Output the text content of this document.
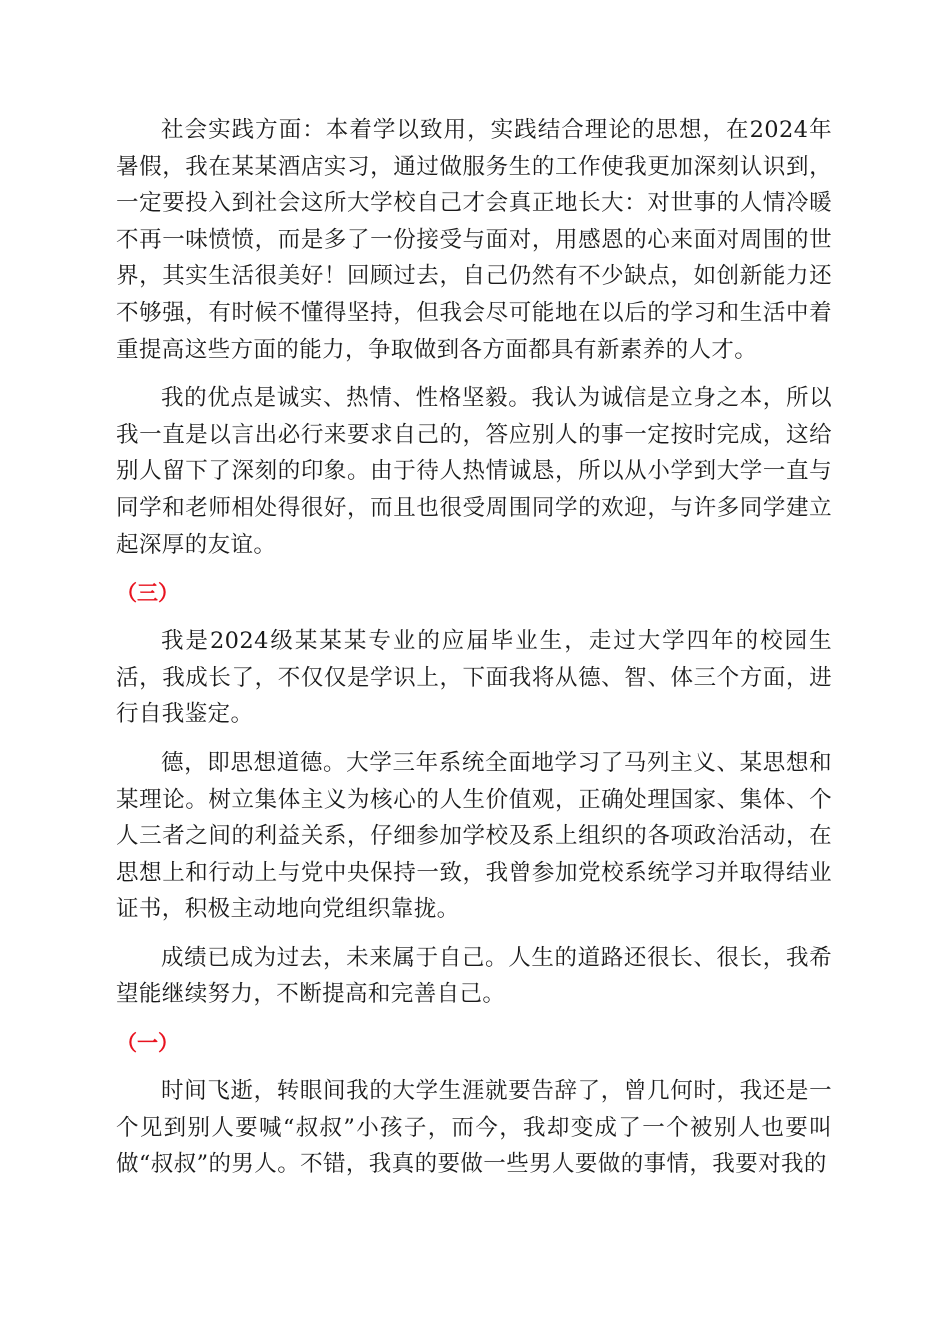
社会实践方面：本着学以致用，实践结合理论的思想，在2024年暑假，我在某某酒店实习，通过做服务生的工作使我更加深刻认识到，一定要投入到社会这所大学校自己才会真正地长大：对世事的人情冷暖不再一味愤愤，而是多了一份接受与面对，用感恩的心来面对周围的世界，其实生活很美好！回顾过去，自己仍然有不少缺点，如创新能力还不够强，有时候不懂得坚持，但我会尽可能地在以后的学习和生活中着重提高这些方面的能力，争取做到各方面都具有新素养的人才。

我的优点是诚实、热情、性格坚毅。我认为诚信是立身之本，所以我一直是以言出必行来要求自己的，答应别人的事一定按时完成，这给别人留下了深刻的印象。由于待人热情诚恳，所以从小学到大学一直与同学和老师相处得很好，而且也很受周围同学的欢迎，与许多同学建立起深厚的友谊。

（三）

我是2024级某某某专业的应届毕业生，走过大学四年的校园生活，我成长了，不仅仅是学识上，下面我将从德、智、体三个方面，进行自我鉴定。

德，即思想道德。大学三年系统全面地学习了马列主义、某思想和某理论。树立集体主义为核心的人生价值观，正确处理国家、集体、个人三者之间的利益关系，仔细参加学校及系上组织的各项政治活动，在思想上和行动上与党中央保持一致，我曾参加党校系统学习并取得结业证书，积极主动地向党组织靠拢。

成绩已成为过去，未来属于自己。人生的道路还很长、很长，我希望能继续努力，不断提高和完善自己。

（一）

时间飞逝，转眼间我的大学生涯就要告辞了，曾几何时，我还是一个见到别人要喊“叔叔”小孩子，而今，我却变成了一个被别人也要叫做“叔叔”的男人。不错，我真的要做一些男人要做的事情，我要对我的
